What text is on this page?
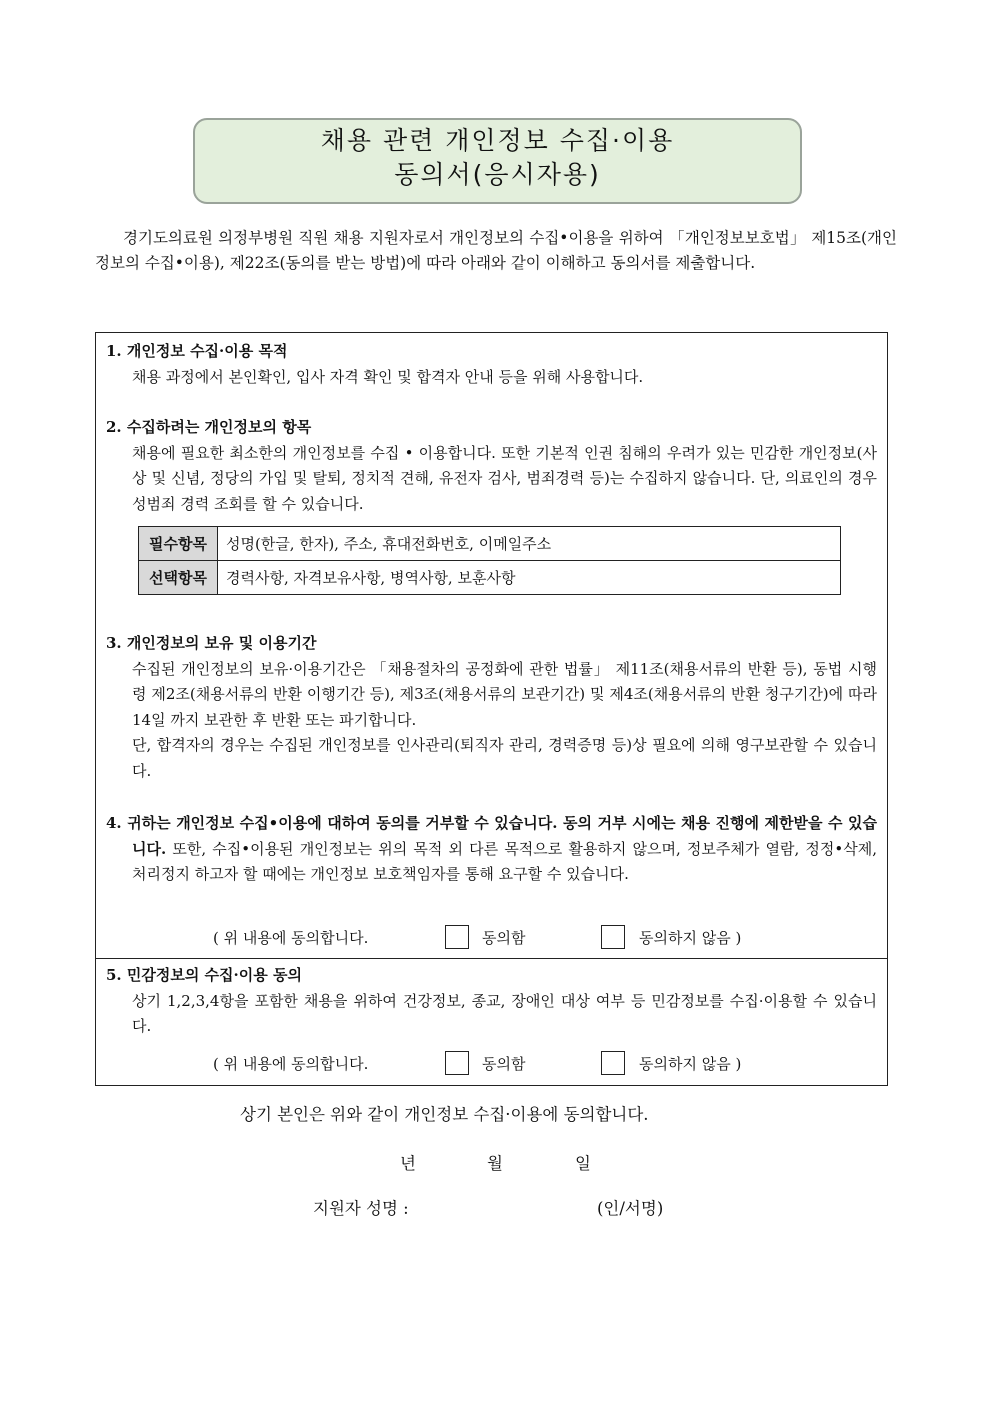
채용 관련 개인정보 수집·이용
동의서(응시자용)
경기도의료원 의정부병원 직원 채용 지원자로서 개인정보의 수집•이용을 위하여 「개인정보보호법」 제15조(개인정보의 수집•이용), 제22조(동의를 받는 방법)에 따라 아래와 같이 이해하고 동의서를 제출합니다.
1. 개인정보 수집·이용 목적
채용 과정에서 본인확인, 입사 자격 확인 및 합격자 안내 등을 위해 사용합니다.
2. 수집하려는 개인정보의 항목
채용에 필요한 최소한의 개인정보를 수집 • 이용합니다. 또한 기본적 인권 침해의 우려가 있는 민감한 개인정보(사상 및 신념, 정당의 가입 및 탈퇴, 정치적 견해, 유전자 검사, 범죄경력 등)는 수집하지 않습니다. 단, 의료인의 경우 성범죄 경력 조회를 할 수 있습니다.
필수항목	성명(한글, 한자), 주소, 휴대전화번호, 이메일주소
선택항목	경력사항, 자격보유사항, 병역사항, 보훈사항
3. 개인정보의 보유 및 이용기간
수집된 개인정보의 보유·이용기간은 「채용절차의 공정화에 관한 법률」 제11조(채용서류의 반환 등), 동법 시행령 제2조(채용서류의 반환 이행기간 등), 제3조(채용서류의 보관기간) 및 제4조(채용서류의 반환 청구기간)에 따라 14일 까지 보관한 후 반환 또는 파기합니다.
단, 합격자의 경우는 수집된 개인정보를 인사관리(퇴직자 관리, 경력증명 등)상 필요에 의해 영구보관할 수 있습니다.
4. 귀하는 개인정보 수집•이용에 대하여 동의를 거부할 수 있습니다. 동의 거부 시에는 채용 진행에 제한받을 수 있습니다. 또한, 수집•이용된 개인정보는 위의 목적 외 다른 목적으로 활용하지 않으며, 정보주체가 열람, 정정•삭제, 처리정지 하고자 할 때에는 개인정보 보호책임자를 통해 요구할 수 있습니다.
( 위 내용에 동의합니다.	동의함	동의하지 않음 )
5. 민감정보의 수집·이용 동의
상기 1,2,3,4항을 포함한 채용을 위하여 건강정보, 종교, 장애인 대상 여부 등 민감정보를 수집·이용할 수 있습니다.
( 위 내용에 동의합니다.	동의함	동의하지 않음 )
상기 본인은 위와 같이 개인정보 수집·이용에 동의합니다.
년	월	일
지원자 성명 :	(인/서명)
